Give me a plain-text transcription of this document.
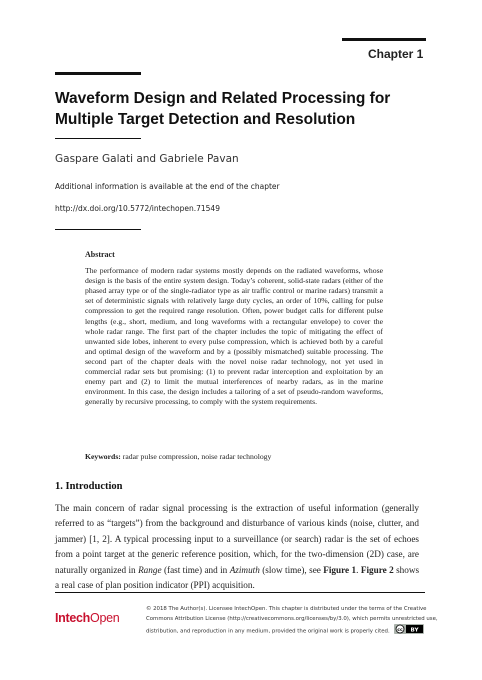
Chapter 1
Waveform Design and Related Processing for Multiple Target Detection and Resolution
Gaspare Galati and Gabriele Pavan
Additional information is available at the end of the chapter
http://dx.doi.org/10.5772/intechopen.71549
Abstract
The performance of modern radar systems mostly depends on the radiated waveforms, whose design is the basis of the entire system design. Today’s coherent, solid-state radars (either of the phased array type or of the single-radiator type as air traffic control or marine radars) transmit a set of deterministic signals with relatively large duty cycles, an order of 10%, calling for pulse compression to get the required range resolution. Often, power budget calls for different pulse lengths (e.g., short, medium, and long waveforms with a rectangular envelope) to cover the whole radar range. The first part of the chapter includes the topic of mitigating the effect of unwanted side lobes, inherent to every pulse compression, which is achieved both by a careful and optimal design of the waveform and by a (possibly mismatched) suitable processing. The second part of the chapter deals with the novel noise radar technology, not yet used in commercial radar sets but promising: (1) to prevent radar interception and exploitation by an enemy part and (2) to limit the mutual interferences of nearby radars, as in the marine environment. In this case, the design includes a tailoring of a set of pseudo-random waveforms, generally by recursive processing, to comply with the system requirements.
Keywords: radar pulse compression, noise radar technology
1. Introduction
The main concern of radar signal processing is the extraction of useful information (generally referred to as “targets”) from the background and disturbance of various kinds (noise, clutter, and jammer) [1, 2]. A typical processing input to a surveillance (or search) radar is the set of echoes from a point target at the generic reference position, which, for the two-dimension (2D) case, are naturally organized in Range (fast time) and in Azimuth (slow time), see Figure 1. Figure 2 shows a real case of plan position indicator (PPI) acquisition.
IntechOpen
© 2018 The Author(s). Licensee IntechOpen. This chapter is distributed under the terms of the Creative Commons Attribution License (http://creativecommons.org/licenses/by/3.0), which permits unrestricted use, distribution, and reproduction in any medium, provided the original work is properly cited. cc BY
